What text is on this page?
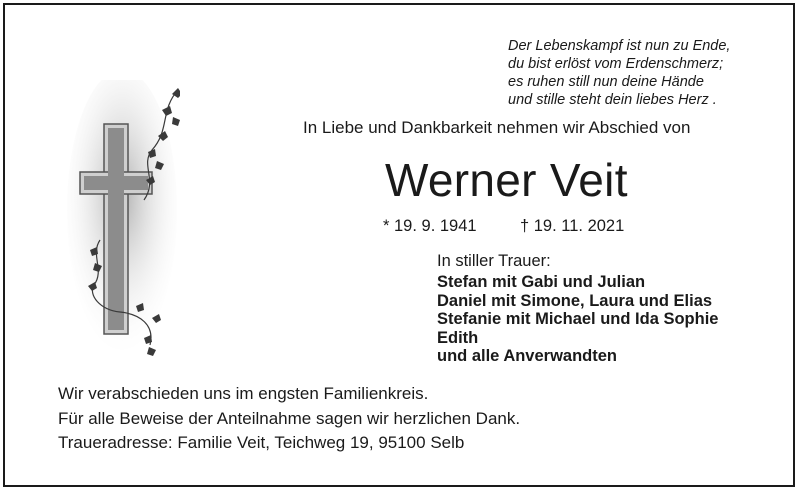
Der Lebenskampf ist nun zu Ende,
du bist erlöst vom Erdenschmerz;
es ruhen still nun deine Hände
und stille steht dein liebes Herz .
In Liebe und Dankbarkeit nehmen wir Abschied von
Werner Veit
* 19. 9. 1941	† 19. 11. 2021
In stiller Trauer:
Stefan mit Gabi und Julian
Daniel mit Simone, Laura und Elias
Stefanie mit Michael und Ida Sophie
Edith
und alle Anverwandten
Wir verabschieden uns im engsten Familienkreis.
Für alle Beweise der Anteilnahme sagen wir herzlichen Dank.
Traueradresse: Familie Veit, Teichweg 19, 95100 Selb
